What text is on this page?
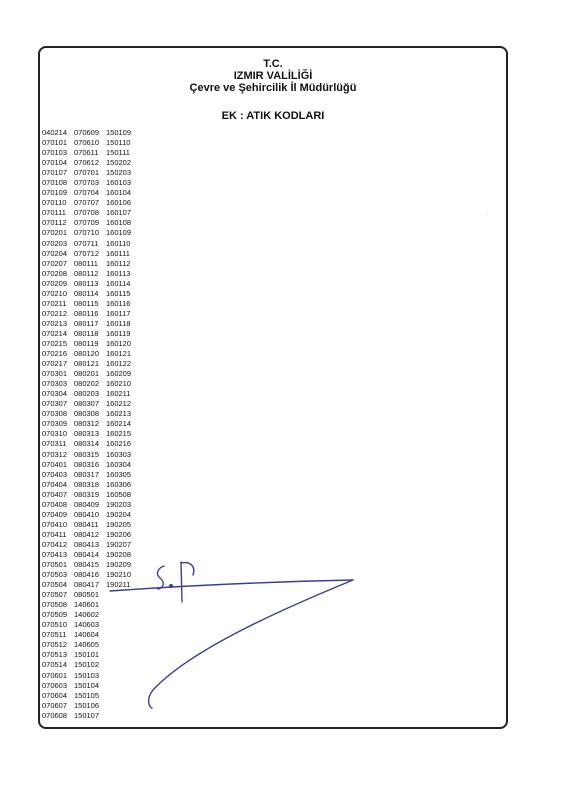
T.C.
IZMIR VALİLİĞİ
Çevre ve Şehircilik İl Müdürlüğü
EK : ATIK KODLARI
040214
070101
070103
070104
070107
070108
070109
070110
070111
070112
070201
070203
070204
070207
070208
070209
070210
070211
070212
070213
070214
070215
070216
070217
070301
070303
070304
070307
070308
070309
070310
070311
070312
070401
070403
070404
070407
070408
070409
070410
070411
070412
070413
070501
070503
070504
070507
070508
070509
070510
070511
070512
070513
070514
070601
070603
070604
070607
070608
070609
070610
070611
070612
070701
070703
070704
070707
070708
070709
070710
070711
070712
080111
080112
080113
080114
080115
080116
080117
080118
080119
080120
080121
080201
080202
080203
080307
080308
080312
080313
080314
080315
080316
080317
080318
080319
080409
080410
080411
080412
080413
080414
080415
080416
080417
080501
140601
140602
140603
140604
140605
150101
150102
150103
150104
150105
150106
150107
150109
150110
150111
150202
150203
160103
160104
160106
160107
160108
160109
160110
160111
160112
160113
160114
160115
160116
160117
160118
160119
160120
160121
160122
160209
160210
160211
160212
160213
160214
160215
160216
160303
160304
160305
160306
160508
190203
190204
190205
190206
190207
190208
190209
190210
190211
.
